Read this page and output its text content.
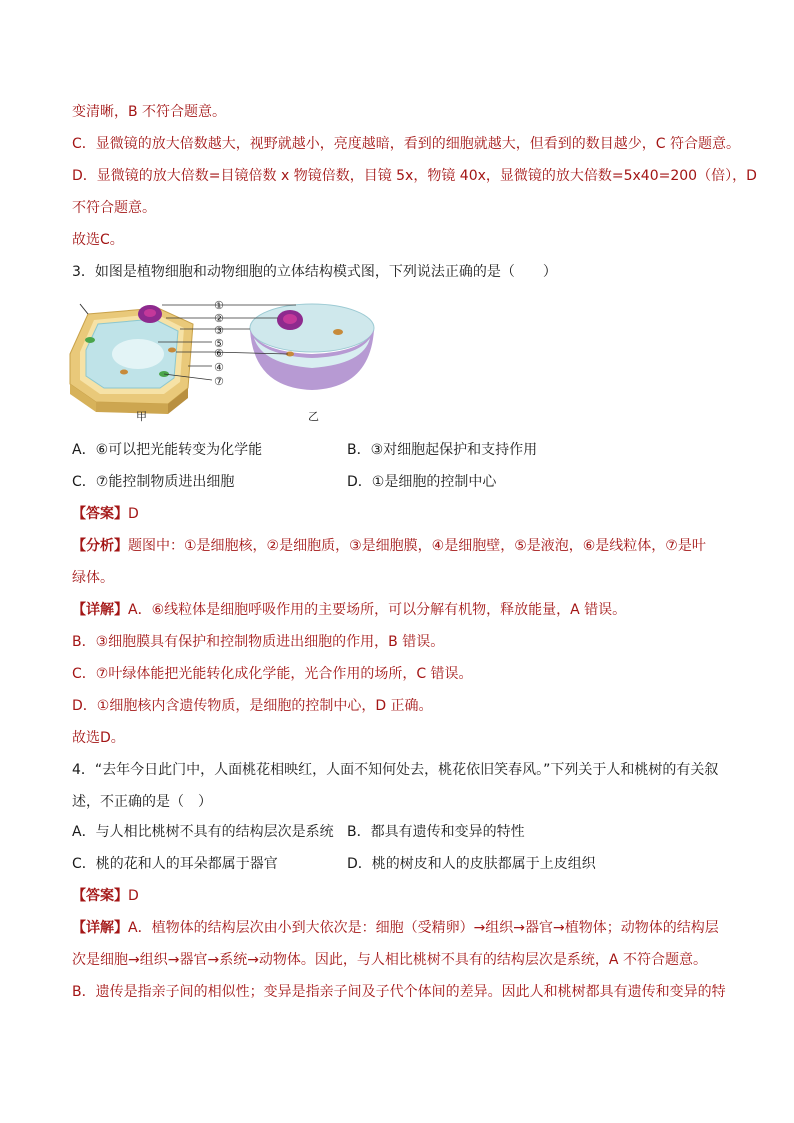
变清晰，B 不符合题意。
C．显微镜的放大倍数越大，视野就越小，亮度越暗，看到的细胞就越大，但看到的数目越少，C 符合题意。
D．显微镜的放大倍数=目镜倍数 x 物镜倍数，目镜 5x，物镜 40x，显微镜的放大倍数=5x40=200（倍），D
不符合题意。
故选C。
3．如图是植物细胞和动物细胞的立体结构模式图，下列说法正确的是（　　）
①
②
③
⑤
⑥
④
⑦
甲	乙
A．⑥可以把光能转变为化学能	B．③对细胞起保护和支持作用
C．⑦能控制物质进出细胞	D．①是细胞的控制中心
【答案】D
【分析】题图中：①是细胞核，②是细胞质，③是细胞膜，④是细胞壁，⑤是液泡，⑥是线粒体，⑦是叶
绿体。
【详解】A．⑥线粒体是细胞呼吸作用的主要场所，可以分解有机物，释放能量，A 错误。
B．③细胞膜具有保护和控制物质进出细胞的作用，B 错误。
C．⑦叶绿体能把光能转化成化学能，光合作用的场所，C 错误。
D．①细胞核内含遗传物质，是细胞的控制中心，D 正确。
故选D。
4．“去年今日此门中，人面桃花相映红，人面不知何处去，桃花依旧笑春风。”下列关于人和桃树的有关叙
述，不正确的是（　）
A．与人相比桃树不具有的结构层次是系统 B．都具有遗传和变异的特性
C．桃的花和人的耳朵都属于器官	D．桃的树皮和人的皮肤都属于上皮组织
【答案】D
【详解】A．植物体的结构层次由小到大依次是：细胞（受精卵）→组织→器官→植物体；动物体的结构层
次是细胞→组织→器官→系统→动物体。因此，与人相比桃树不具有的结构层次是系统，A 不符合题意。
B．遗传是指亲子间的相似性；变异是指亲子间及子代个体间的差异。因此人和桃树都具有遗传和变异的特
